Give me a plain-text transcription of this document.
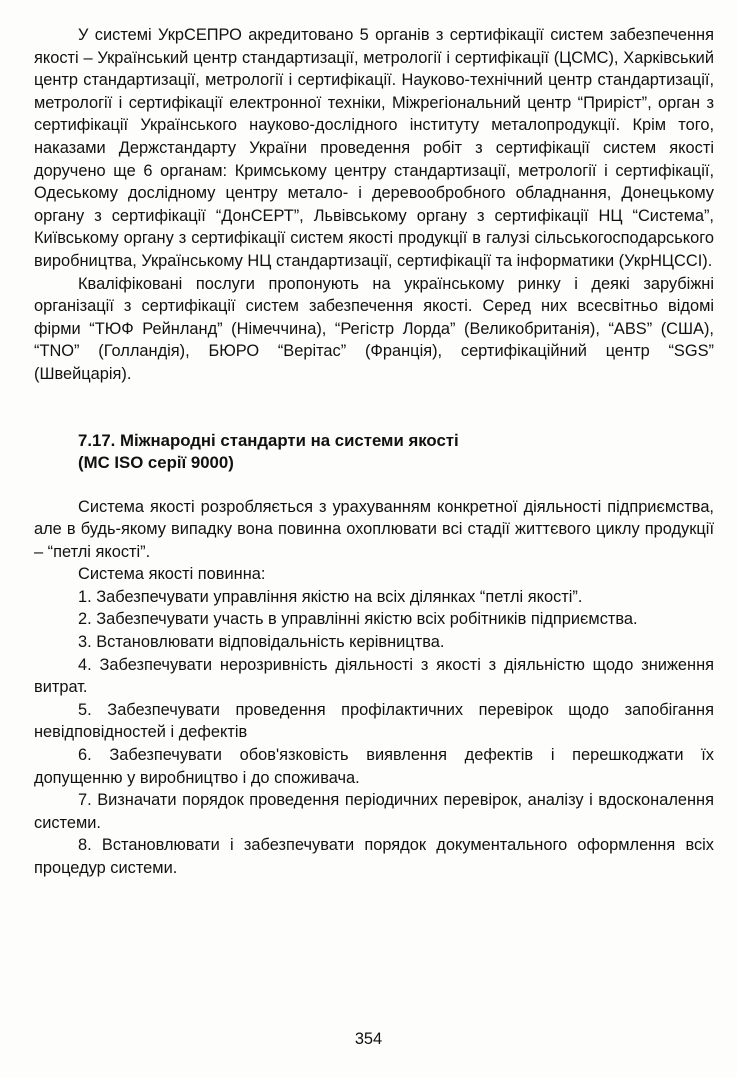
У системі УкрСЕПРО акредитовано 5 органів з сертифікації систем забезпечення якості – Український центр стандартизації, метрології і сертифікації (ЦСМС), Харківський центр стандартизації, метрології і сертифікації. Науково-технічний центр стандартизації, метрології і сертифікації електронної техніки, Міжрегіональний центр “Приріст”, орган з сертифікації Українського науково-дослідного інституту металопродукції. Крім того, наказами Держстандарту України проведення робіт з сертифікації систем якості доручено ще 6 органам: Кримському центру стандартизації, метрології і сертифікації, Одеському дослідному центру метало- і деревообробного обладнання, Донецькому органу з сертифікації “ДонСЕРТ”, Львівському органу з сертифікації НЦ “Система”, Київському органу з сертифікації систем якості продукції в галузі сільськогосподарського виробництва, Українському НЦ стандартизації, сертифікації та інформатики (УкрНЦСCI).

Кваліфіковані послуги пропонують на українському ринку і деякі зарубіжні організації з сертифікації систем забезпечення якості. Серед них всесвітньо відомі фірми “ТЮФ Рейнланд” (Німеччина), “Регістр Лорда” (Великобританія), “ABS” (США), “TNO” (Голландія), БЮРО “Верітас” (Франція), сертифікаційний центр “SGS” (Швейцарія).

7.17. Міжнародні стандарти на системи якості
(МС ISO серії 9000)

Система якості розробляється з урахуванням конкретної діяльності підприємства, але в будь-якому випадку вона повинна охоплювати всі стадії життєвого циклу продукції – “петлі якості”.

Система якості повинна:

1. Забезпечувати управління якістю на всіх ділянках “петлі якості”.

2. Забезпечувати участь в управлінні якістю всіх робітників підприємства.

3. Встановлювати відповідальність керівництва.

4. Забезпечувати нерозривність діяльності з якості з діяльністю щодо зниження витрат.

5. Забезпечувати проведення профілактичних перевірок щодо запобігання невідповідностей і дефектів

6. Забезпечувати обов'язковість виявлення дефектів і перешкоджати їх допущенню у виробництво і до споживача.

7. Визначати порядок проведення періодичних перевірок, аналізу і вдосконалення системи.

8. Встановлювати і забезпечувати порядок документального оформлення всіх процедур системи.

354
